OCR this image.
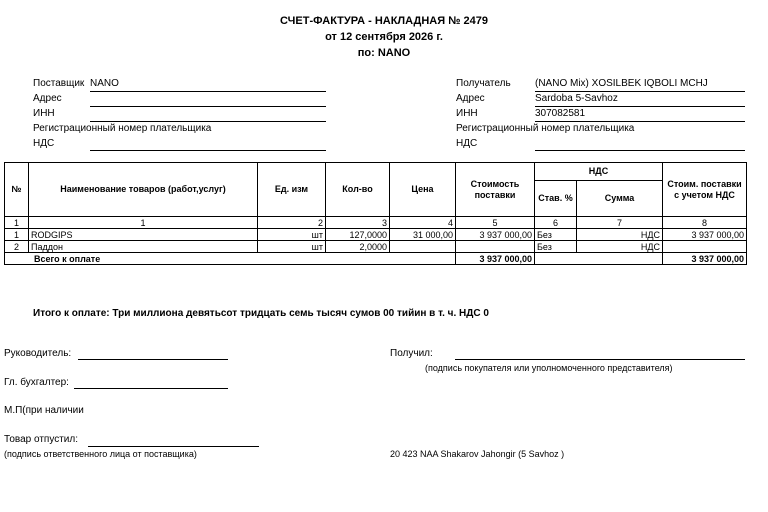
СЧЕТ-ФАКТУРА - НАКЛАДНАЯ № 2479
от 12 сентября 2026 г.
по: NANO
Поставщик NANO
Адрес
ИНН
Регистрационный номер плательщика
НДС
Получатель (NANO Mix) XOSILBEK IQBOLI MCHJ
Адрес	Sardoba 5-Savhoz
ИНН	307082581
Регистрационный номер плательщика
НДС
№	Наименование товаров (работ,услуг)	Ед. изм	Кол-во	Цена	Стоимость поставки	НДС		Стоим. поставки с учетом НДС
						Став. %	Сумма	
1	1	2	3	4	5	6	7	8
1	RODGIPS	шт	127,0000	31 000,00	3 937 000,00	Без	НДС	3 937 000,00
2	Паддон	шт	2,0000			Без	НДС	
Всего к оплате					3 937 000,00			3 937 000,00
Итого к оплате: Три миллиона девятьсот тридцать семь тысяч сумов 00 тийин в т. ч. НДС 0
Руководитель:	Получил:
(подпись покупателя или уполномоченного представителя)
Гл. бухгалтер:
М.П(при наличии
Товар отпустил:
(подпись ответственного лица от поставщика)	20 423 NAA Shakarov Jahongir (5 Savhoz )
